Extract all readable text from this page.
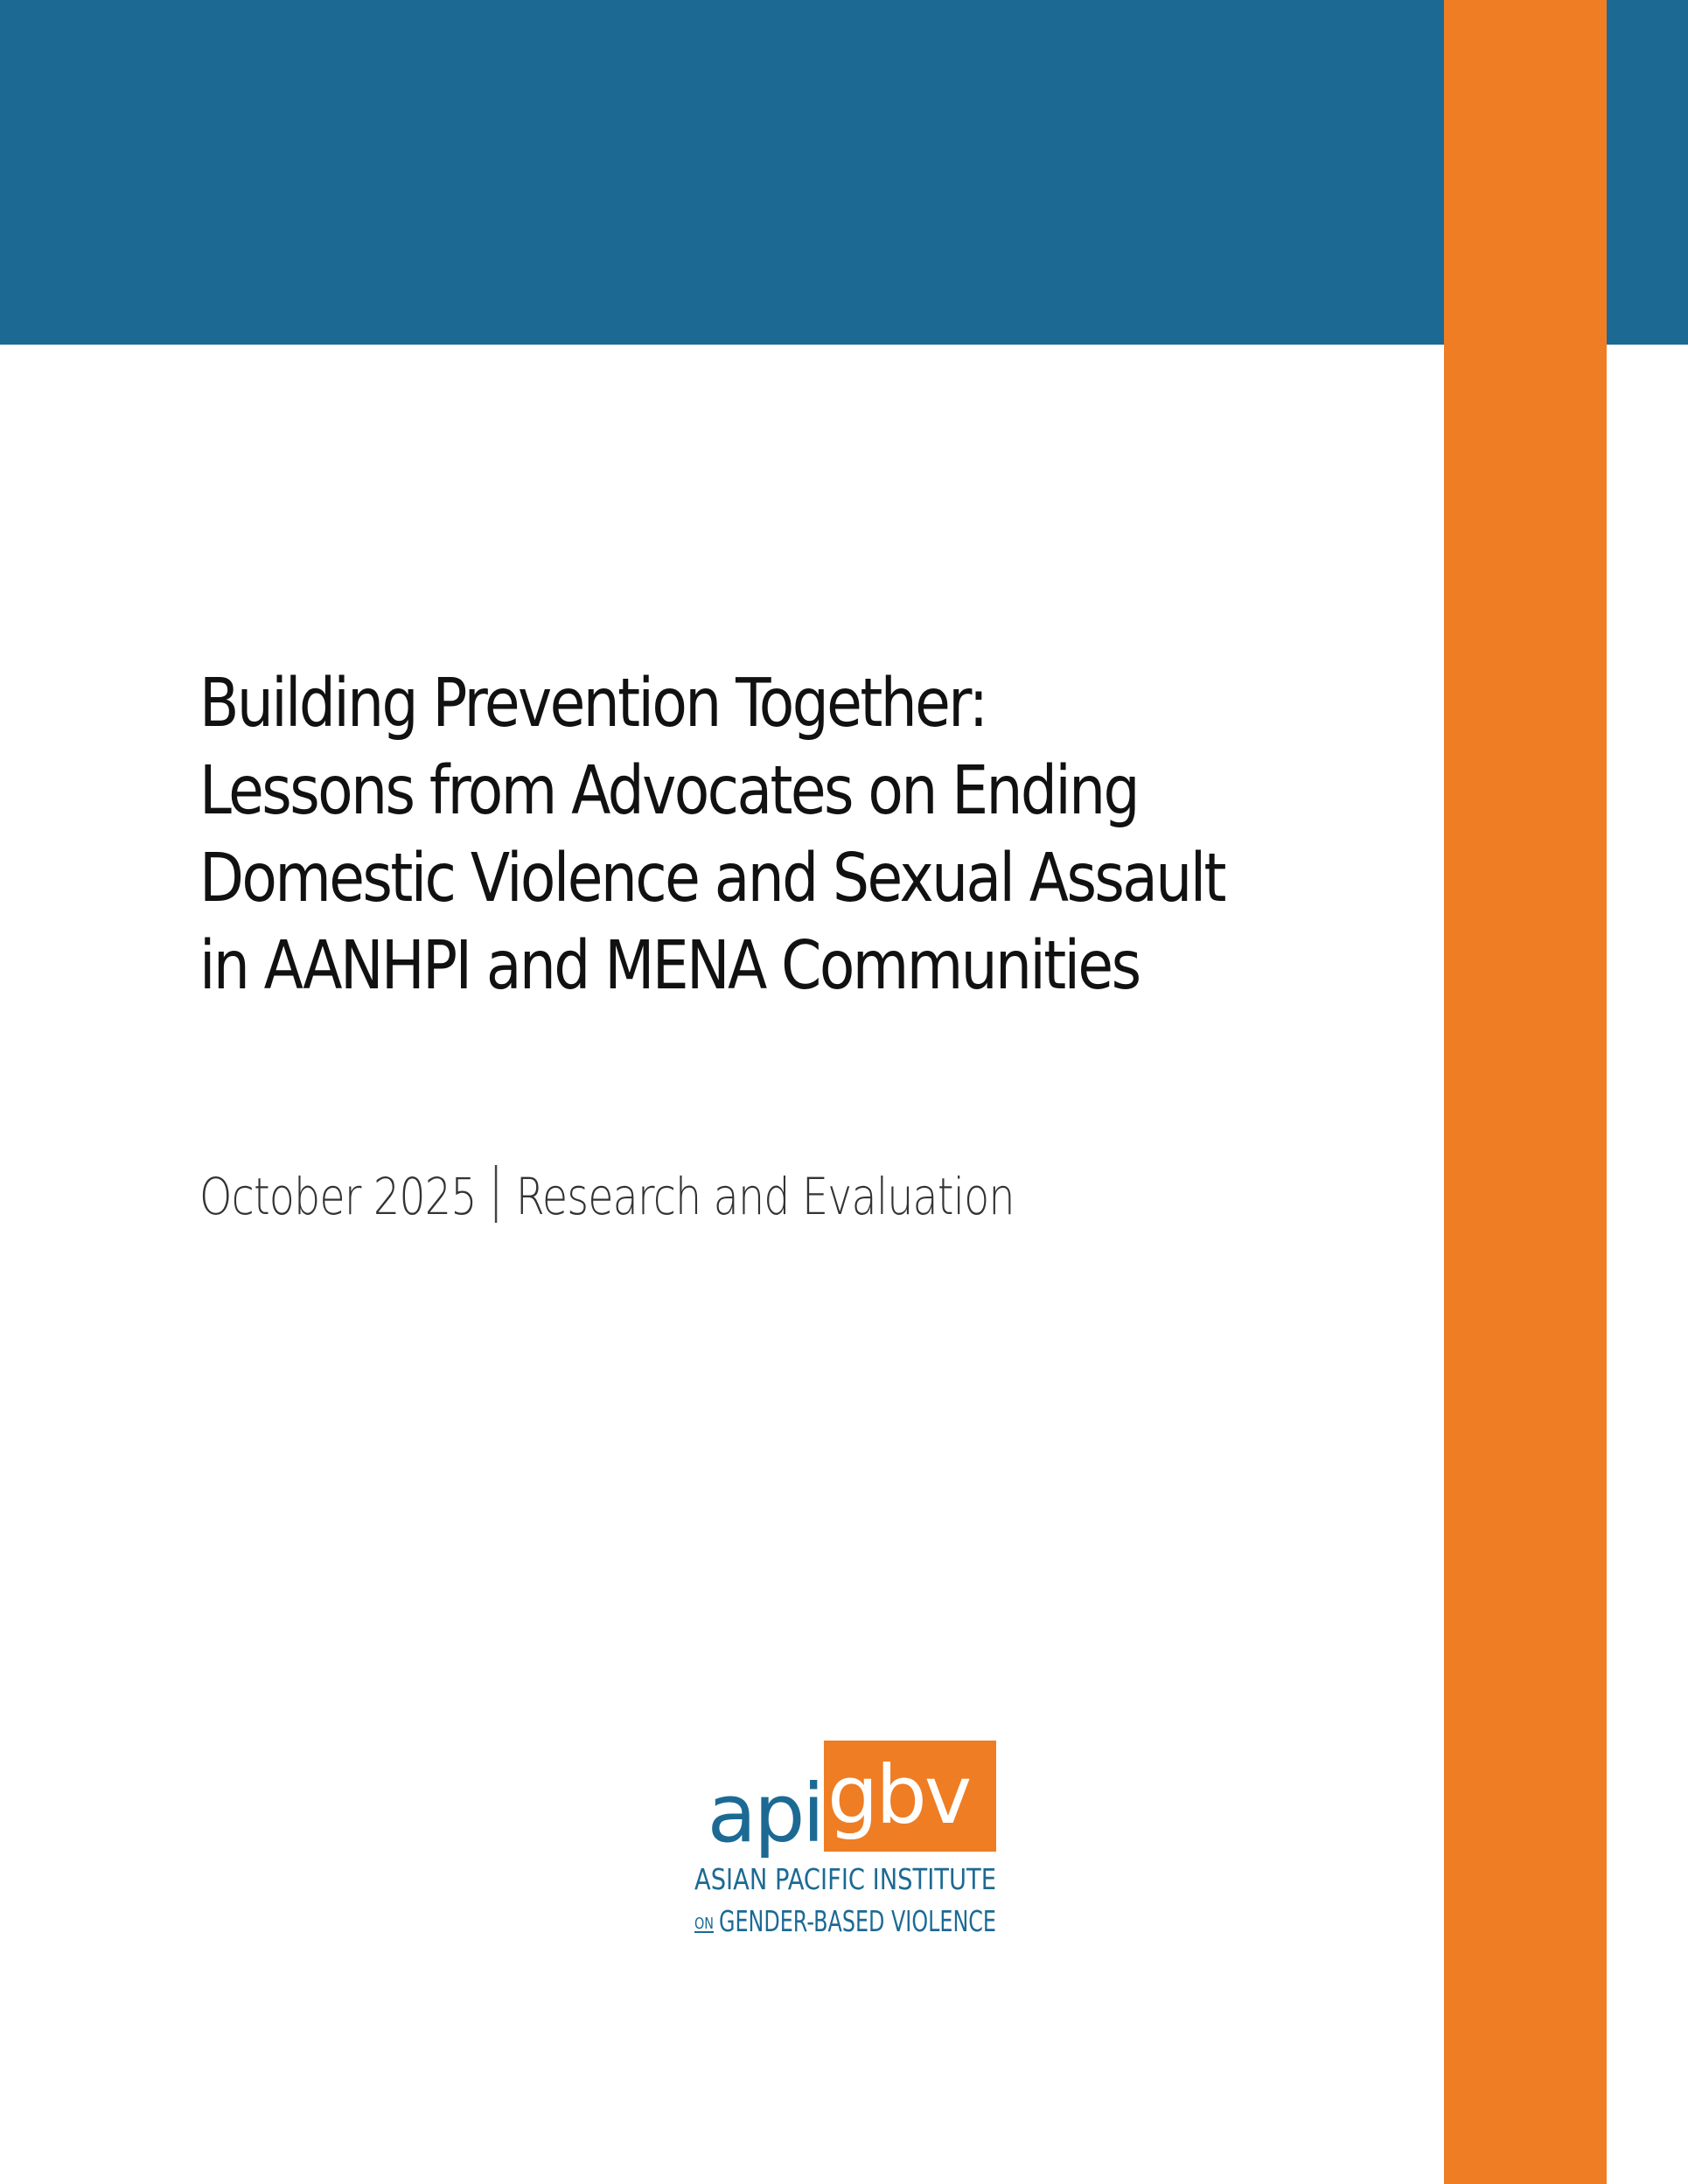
Building Prevention Together:
Lessons from Advocates on Ending
Domestic Violence and Sexual Assault
in AANHPI and MENA Communities
October 2025 Research and Evaluation
api gbv
ASIAN PACIFIC INSTITUTE
ON GENDER-BASED VIOLENCE
